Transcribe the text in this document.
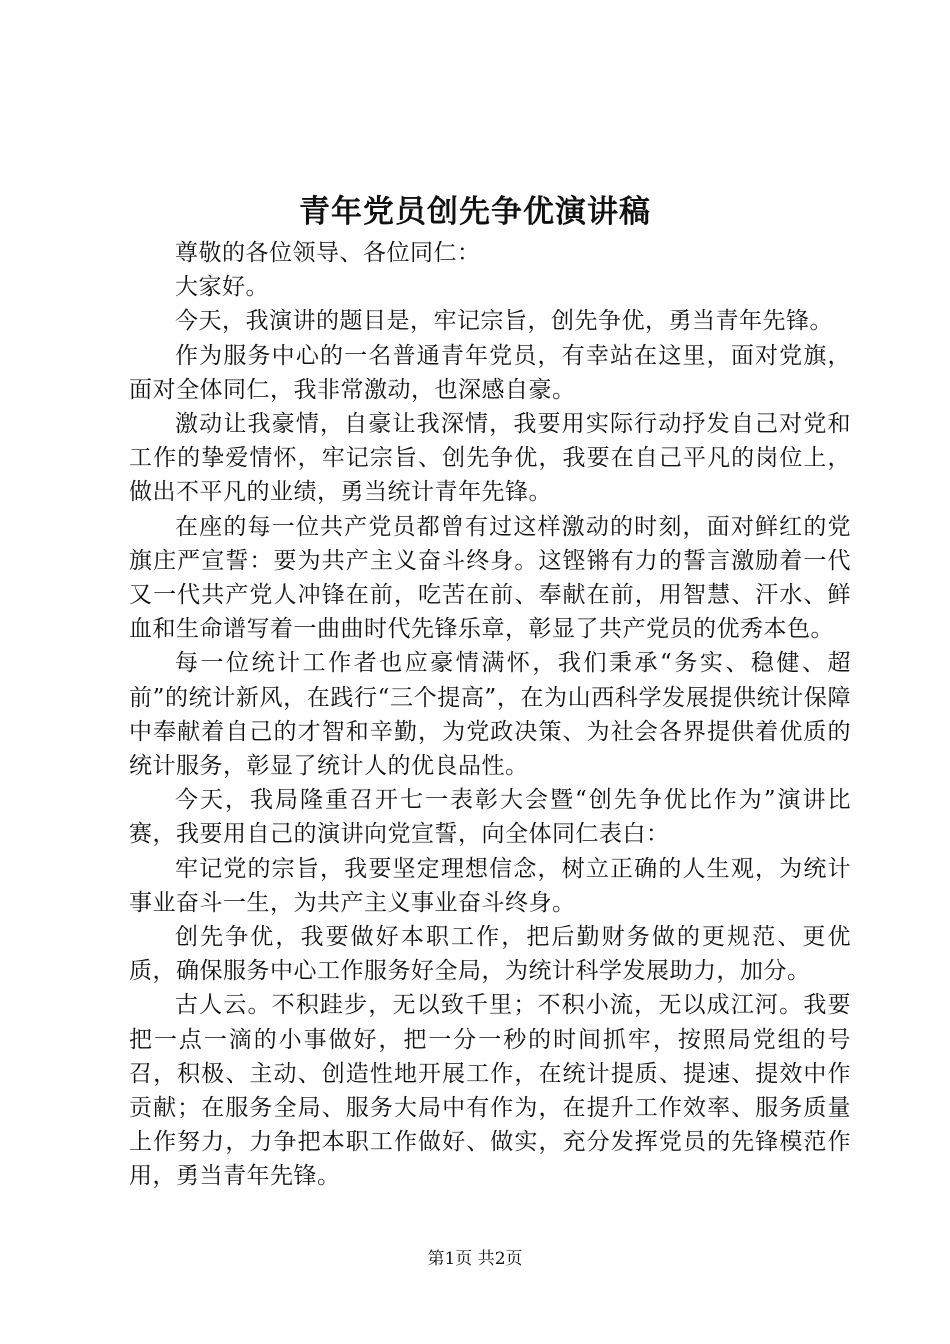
青年党员创先争优演讲稿

尊敬的各位领导、各位同仁：

大家好。

今天，我演讲的题目是，牢记宗旨，创先争优，勇当青年先锋。

作为服务中心的一名普通青年党员，有幸站在这里，面对党旗，面对全体同仁，我非常激动，也深感自豪。

激动让我豪情，自豪让我深情，我要用实际行动抒发自己对党和工作的挚爱情怀，牢记宗旨、创先争优，我要在自己平凡的岗位上，做出不平凡的业绩，勇当统计青年先锋。

在座的每一位共产党员都曾有过这样激动的时刻，面对鲜红的党旗庄严宣誓：要为共产主义奋斗终身。这铿锵有力的誓言激励着一代又一代共产党人冲锋在前，吃苦在前、奉献在前，用智慧、汗水、鲜血和生命谱写着一曲曲时代先锋乐章，彰显了共产党员的优秀本色。

每一位统计工作者也应豪情满怀，我们秉承“务实、稳健、超前”的统计新风，在践行“三个提高”，在为山西科学发展提供统计保障中奉献着自己的才智和辛勤，为党政决策、为社会各界提供着优质的统计服务，彰显了统计人的优良品性。

今天，我局隆重召开七一表彰大会暨“创先争优比作为”演讲比赛，我要用自己的演讲向党宣誓，向全体同仁表白：

牢记党的宗旨，我要坚定理想信念，树立正确的人生观，为统计事业奋斗一生，为共产主义事业奋斗终身。

创先争优，我要做好本职工作，把后勤财务做的更规范、更优质，确保服务中心工作服务好全局，为统计科学发展助力，加分。

古人云。不积跬步，无以致千里；不积小流，无以成江河。我要把一点一滴的小事做好，把一分一秒的时间抓牢，按照局党组的号召，积极、主动、创造性地开展工作，在统计提质、提速、提效中作贡献；在服务全局、服务大局中有作为，在提升工作效率、服务质量上作努力，力争把本职工作做好、做实，充分发挥党员的先锋模范作用，勇当青年先锋。

第1页 共2页
